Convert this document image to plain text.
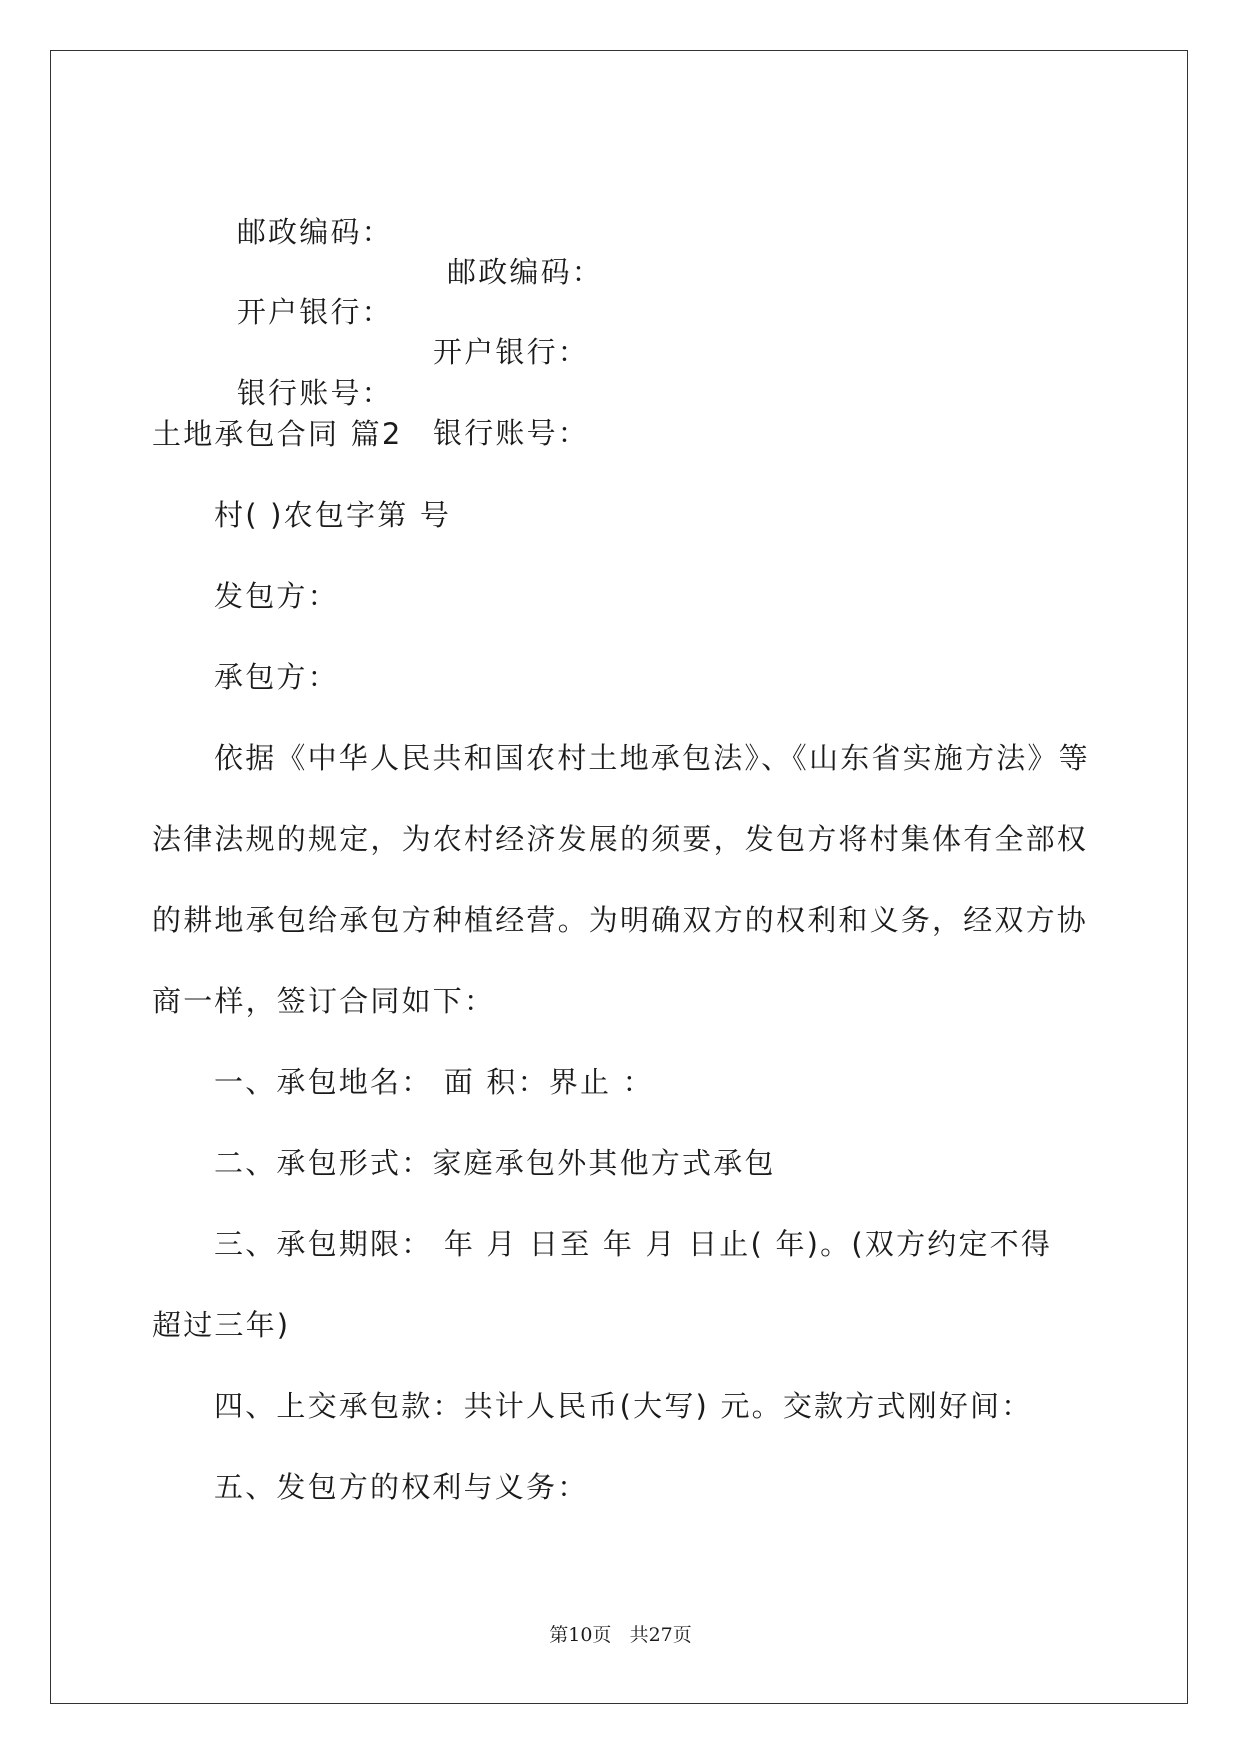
邮政编码：

邮政编码：

开户银行：

开户银行：

银行账号：

银行账号：

土地承包合同 篇2
村( )农包字第 号
发包方：
承包方：
依据《中华人民共和国农村土地承包法》、《山东省实施方法》等
法律法规的规定，为农村经济发展的须要，发包方将村集体有全部权
的耕地承包给承包方种植经营。为明确双方的权利和义务，经双方协
商一样，签订合同如下：
一、承包地名： 面 积：界止 ：
二、承包形式：家庭承包外其他方式承包
三、承包期限： 年 月 日至 年 月 日止( 年)。(双方约定不得
超过三年)
四、上交承包款：共计人民币(大写) 元。交款方式刚好间：
五、发包方的权利与义务：
第10页 共27页
